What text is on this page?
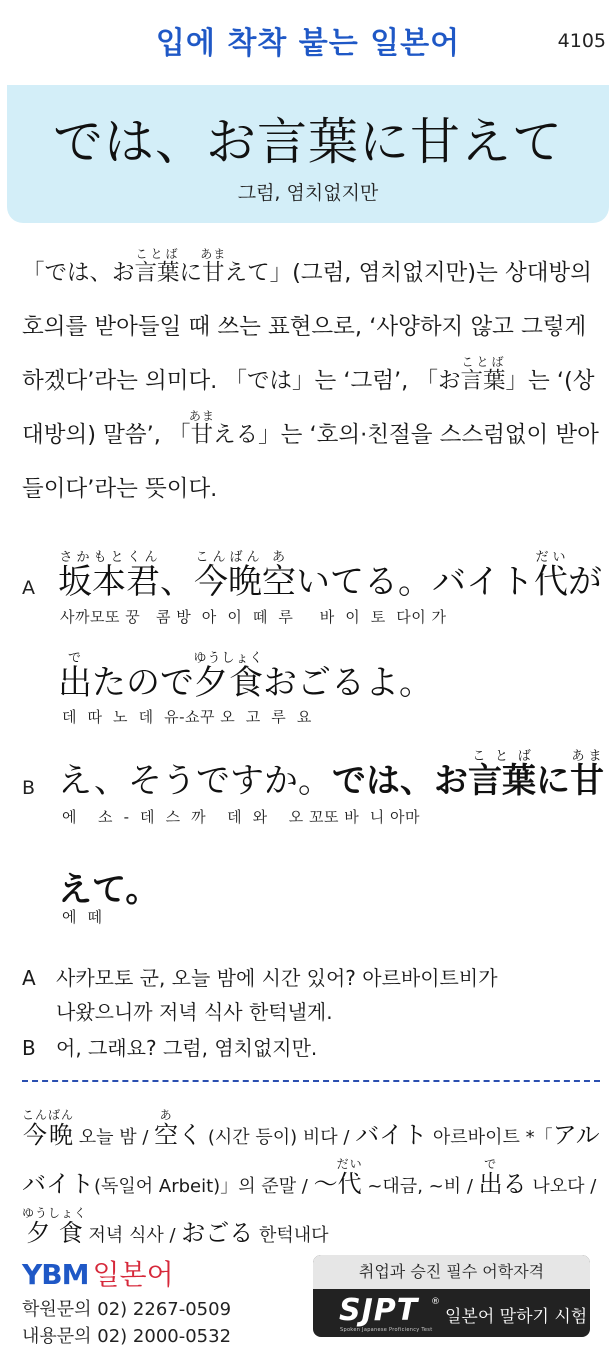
입에 착착 붙는 일본어	4105
では、お言葉に甘えて
그럼, 염치없지만
「では、お言葉ことばに甘あまえて」(그럼, 염치없지만)는 상대방의 호의를 받아들일 때 쓰는 표현으로, ‘사양하지 않고 그렇게 하겠다’라는 의미다. 「では」는 ‘그럼’, 「お言葉ことば」는 ‘(상대방의) 말씀’, 「甘あまえる」는 ‘호의·친절을 스스럼없이 받아들이다’라는 뜻이다.
A 坂本君さかもとくん、今晩こんばん空あいてる。バイト代だいが
사까모또 꿍   콤 방  아  이  떼  루     바  이  토  다이 가
出でたので夕食ゆうしょくおごるよ。
데  따  노  데  유-쇼꾸 오  고  루  요
B え、そうですか。では、お言葉ことばに甘あま
에    소  -  데  스  까    데  와    오 꼬또 바  니 아마
えて。
에  떼
A 사카모토 군, 오늘 밤에 시간 있어? 아르바이트비가
나왔으니까 저녁 식사 한턱낼게.
B 어, 그래요? 그럼, 염치없지만.
今晩こんばん 오늘 밤 / 空あく (시간 등이) 비다 / バイト 아르바이트 *「アルバイト(독일어 Arbeit)」의 준말 / 〜代だい ~대금, ~비 / 出でる 나오다 / 夕食ゆうしょく 저녁 식사 / おごる 한턱내다
YBM 일본어
학원문의 02) 2267-0509
내용문의 02) 2000-0532
취업과 승진 필수 어학자격
SJPT ®
Spoken Japanese Proficiency Test
일본어 말하기 시험
